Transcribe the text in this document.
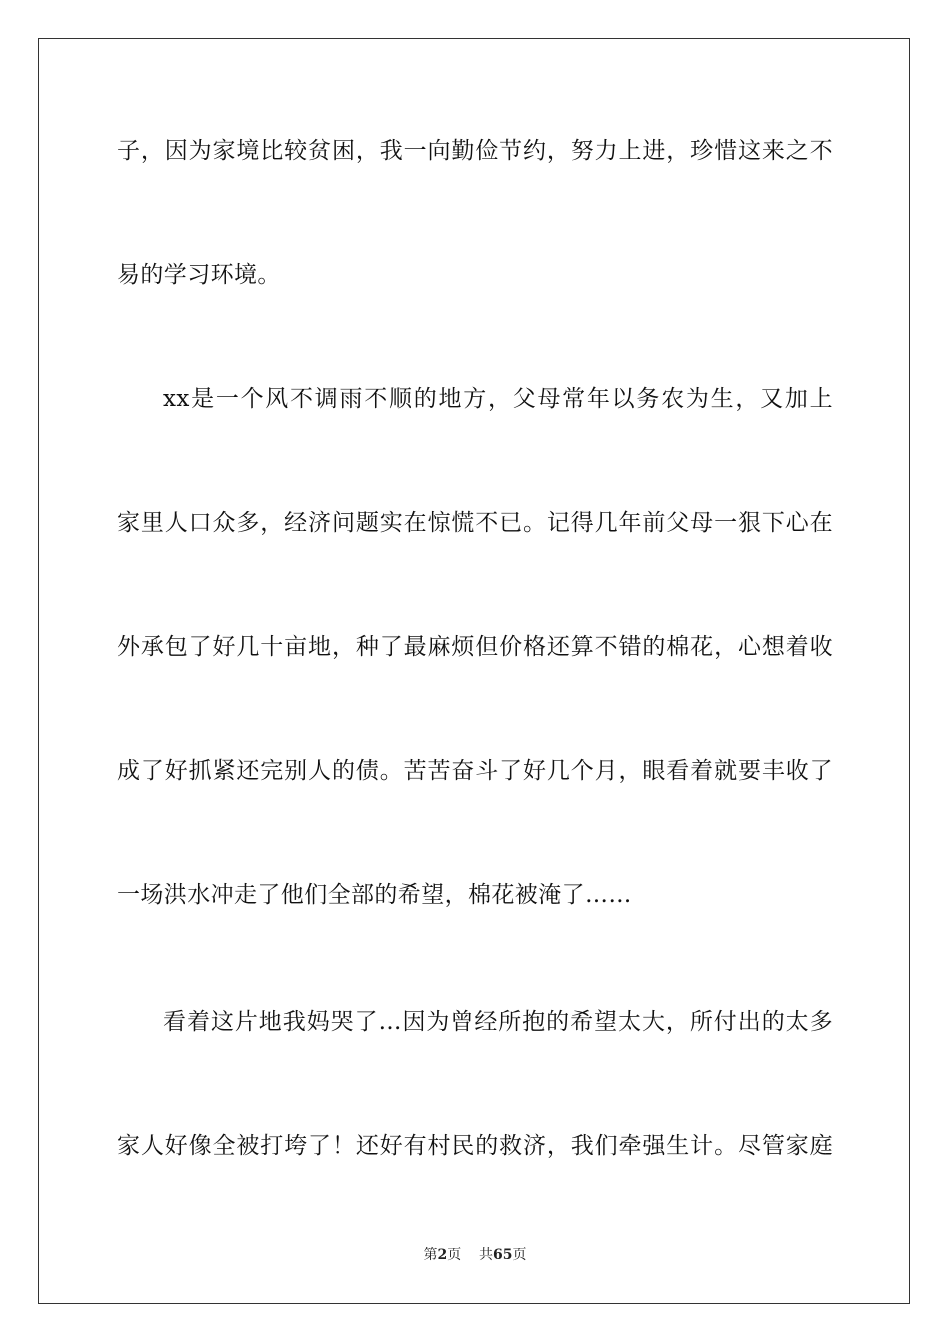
子，因为家境比较贫困，我一向勤俭节约，努力上进，珍惜这来之不
易的学习环境。
xx是一个风不调雨不顺的地方，父母常年以务农为生，又加上
家里人口众多，经济问题实在惊慌不已。记得几年前父母一狠下心在
外承包了好几十亩地，种了最麻烦但价格还算不错的棉花，心想着收
成了好抓紧还完别人的债。苦苦奋斗了好几个月，眼看着就要丰收了
一场洪水冲走了他们全部的希望，棉花被淹了……
看着这片地我妈哭了…因为曾经所抱的希望太大，所付出的太多
家人好像全被打垮了！还好有村民的救济，我们牵强生计。尽管家庭
第2页 共65页
